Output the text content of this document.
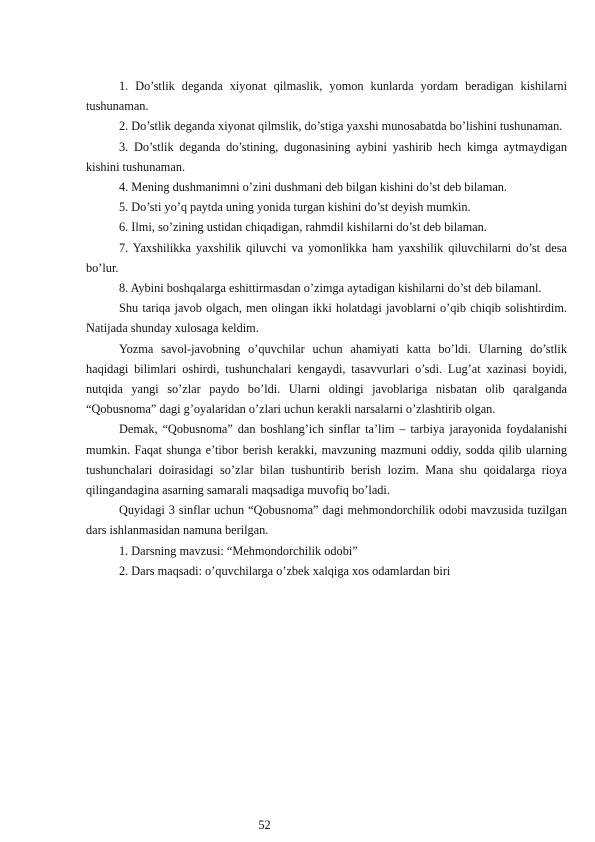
1. Do’stlik deganda xiyonat qilmaslik, yomon kunlarda yordam beradigan kishilarni tushunaman.

2. Do’stlik deganda xiyonat qilmslik, do’stiga yaxshi munosabatda bo’lishini tushunaman.

3. Do’stlik deganda do’stining, dugonasining aybini yashirib hech kimga aytmaydigan kishini tushunaman.

4. Mening dushmanimni o’zini dushmani deb bilgan kishini do’st deb bilaman.

5. Do’sti yo’q paytda uning yonida turgan kishini do’st deyish mumkin.

6. Ilmi, so’zining ustidan chiqadigan, rahmdil kishilarni do’st deb bilaman.

7. Yaxshilikka yaxshilik qiluvchi va yomonlikka ham yaxshilik qiluvchilarni do’st desa bo’lur.

8. Aybini boshqalarga eshittirmasdan o’zimga aytadigan kishilarni do’st deb bilamanl.

Shu tariqa javob olgach, men olingan ikki holatdagi javoblarni o’qib chiqib solishtirdim. Natijada shunday xulosaga keldim.

Yozma savol-javobning o’quvchilar uchun ahamiyati katta bo’ldi. Ularning do’stlik haqidagi bilimlari oshirdi, tushunchalari kengaydi, tasavvurlari o’sdi. Lug’at xazinasi boyidi, nutqida yangi so’zlar paydo bo’ldi. Ularni oldingi javoblariga nisbatan olib qaralganda “Qobusnoma” dagi g’oyalaridan o’zlari uchun kerakli narsalarni o’zlashtirib olgan.

Demak, “Qobusnoma” dan boshlang’ich sinflar ta’lim – tarbiya jarayonida foydalanishi mumkin. Faqat shunga e’tibor berish kerakki, mavzuning mazmuni oddiy, sodda qilib ularning tushunchalari doirasidagi so’zlar bilan tushuntirib berish lozim. Mana shu qoidalarga rioya qilingandagina asarning samarali maqsadiga muvofiq bo’ladi.

Quyidagi 3 sinflar uchun “Qobusnoma” dagi mehmondorchilik odobi mavzusida tuzilgan dars ishlanmasidan namuna berilgan.

1. Darsning mavzusi: “Mehmondorchilik odobi”

2. Dars maqsadi: o’quvchilarga o’zbek xalqiga xos odamlardan biri

52
